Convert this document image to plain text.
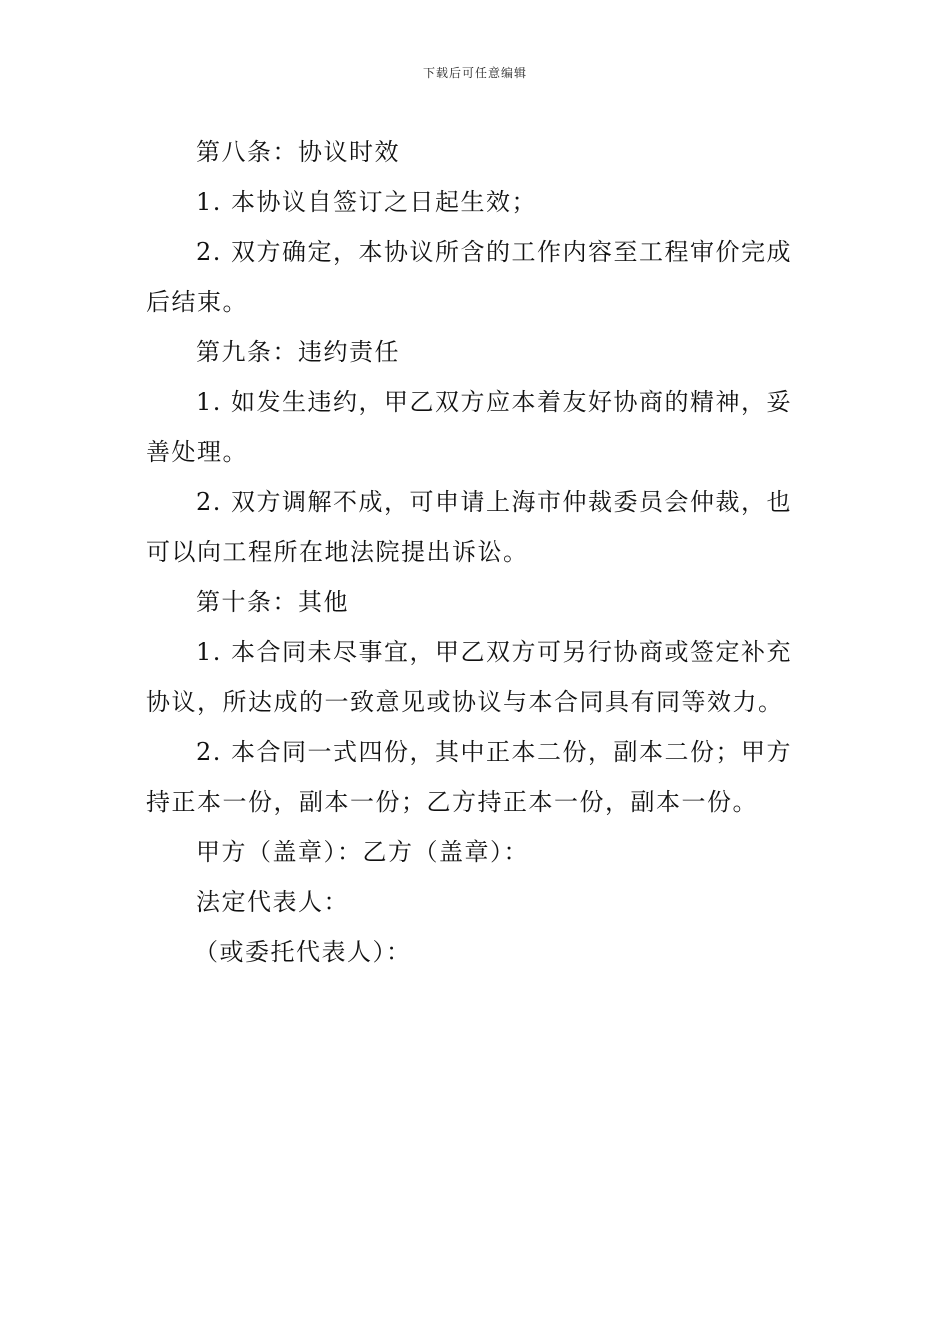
下载后可任意编辑

第八条：协议时效

1. 本协议自签订之日起生效；

2. 双方确定，本协议所含的工作内容至工程审价完成后结束。

第九条：违约责任

1. 如发生违约，甲乙双方应本着友好协商的精神，妥善处理。

2. 双方调解不成，可申请上海市仲裁委员会仲裁，也可以向工程所在地法院提出诉讼。

第十条：其他

1. 本合同未尽事宜，甲乙双方可另行协商或签定补充协议，所达成的一致意见或协议与本合同具有同等效力。

2. 本合同一式四份，其中正本二份，副本二份；甲方持正本一份，副本一份；乙方持正本一份，副本一份。

甲方（盖章）：乙方（盖章）：

法定代表人：

（或委托代表人）：
